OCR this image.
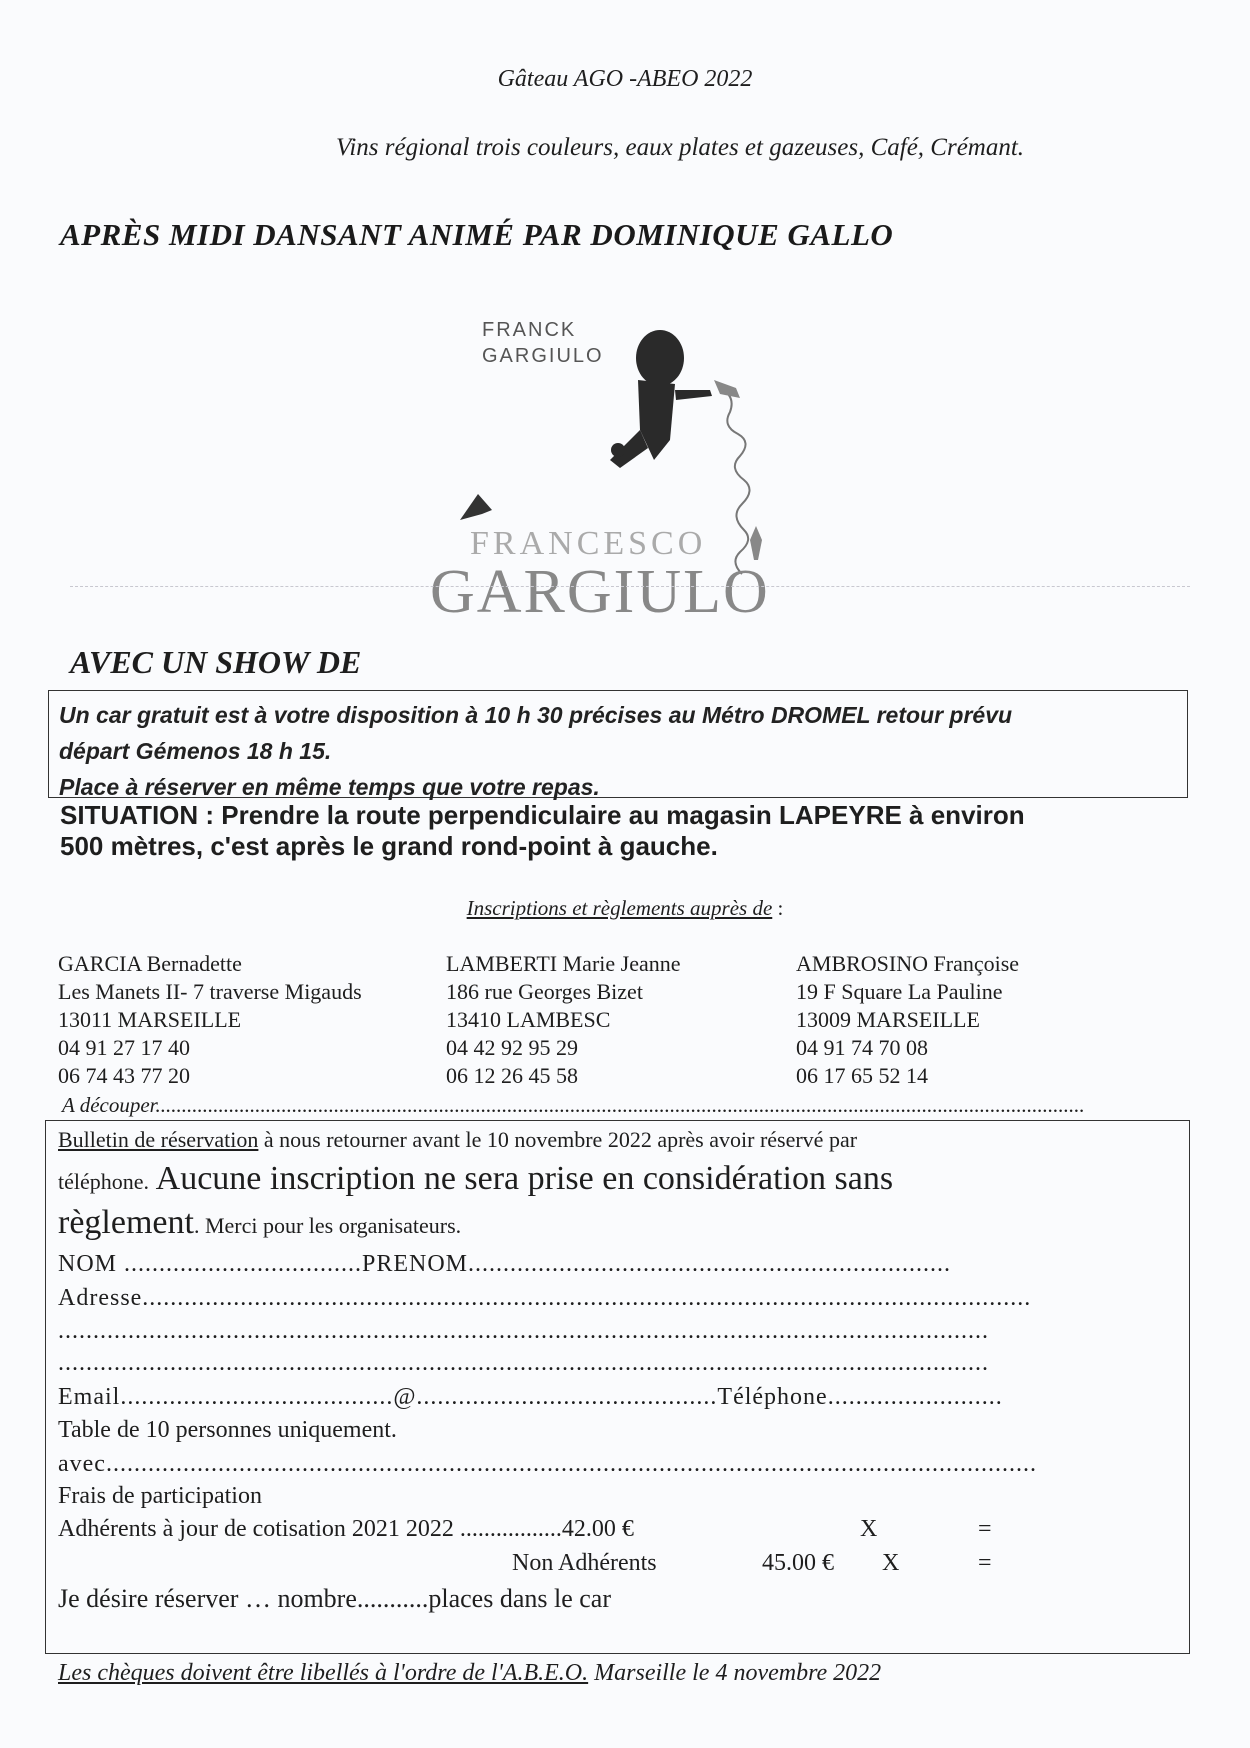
Gâteau AGO -ABEO 2022
Vins régional trois couleurs, eaux plates et gazeuses, Café, Crémant.
APRÈS MIDI DANSANT ANIMÉ PAR DOMINIQUE GALLO
FRANCK
GARGIULO
FRANCESCO
GARGIULO
AVEC UN SHOW DE
Un car gratuit est à votre disposition à 10 h 30 précises au Métro DROMEL retour prévu
départ Gémenos 18 h 15.
Place à réserver en même temps que votre repas.
SITUATION : Prendre la route perpendiculaire au magasin LAPEYRE à environ
500 mètres, c'est après le grand rond-point à gauche.
Inscriptions et règlements auprès de :
GARCIA Bernadette
Les Manets II- 7 traverse Migauds
13011 MARSEILLE
04 91 27 17 40
06 74 43 77 20
LAMBERTI Marie Jeanne
186 rue Georges Bizet
13410 LAMBESC
04 42 92 95 29
06 12 26 45 58
AMBROSINO Françoise
19 F Square La Pauline
13009 MARSEILLE
04 91 74 70 08
06 17 65 52 14
A découper.................................................................................................................................................................................
Bulletin de réservation à nous retourner avant le 10 novembre 2022 après avoir réservé par
téléphone. Aucune inscription ne sera prise en considération sans
règlement. Merci pour les organisateurs.
NOM ..................................PRENOM.....................................................................
Adresse...............................................................................................................................
.....................................................................................................................................
.....................................................................................................................................
Email.......................................@...........................................Téléphone.........................
Table de 10 personnes uniquement.
avec.....................................................................................................................................
Frais de participation
Adhérents à jour de cotisation 2021 2022 .................42.00 €	X	=
Non Adhérents	45.00 € X	=
Je désire réserver … nombre...........places dans le car
Les chèques doivent être libellés à l'ordre de l'A.B.E.O. Marseille le 4 novembre 2022
